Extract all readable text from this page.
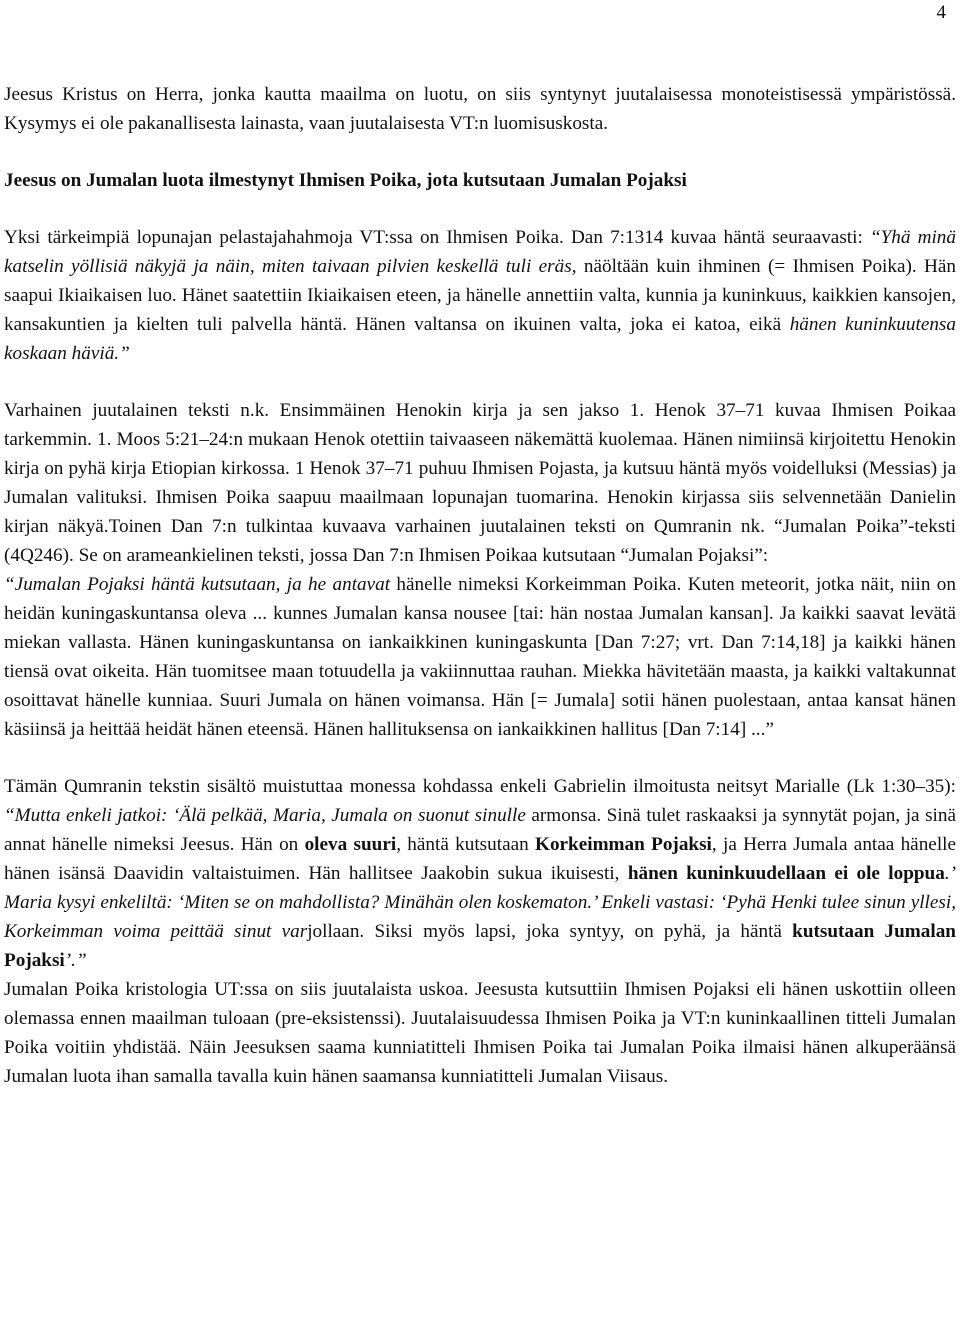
4

Jeesus Kristus on Herra, jonka kautta maailma on luotu, on siis syntynyt juutalaisessa monoteistisessä ympäristössä. Kysymys ei ole pakanallisesta lainasta, vaan juutalaisesta VT:n luomisuskosta.

Jeesus on Jumalan luota ilmestynyt Ihmisen Poika, jota kutsutaan Jumalan Pojaksi

Yksi tärkeimpiä lopunajan pelastajahahmoja VT:ssa on Ihmisen Poika. Dan 7:1314 kuvaa häntä seuraavasti: “Yhä minä katselin yöllisiä näkyjä ja näin, miten taivaan pilvien keskellä tuli eräs, näöltään kuin ihminen (= Ihmisen Poika). Hän saapui Ikiaikaisen luo. Hänet saatettiin Ikiaikaisen eteen, ja hänelle annettiin valta, kunnia ja kuninkuus, kaikkien kansojen, kansakuntien ja kielten tuli palvella häntä. Hänen valtansa on ikuinen valta, joka ei katoa, eikä hänen kuninkuutensa koskaan häviä.”

Varhainen juutalainen teksti n.k. Ensimmäinen Henokin kirja ja sen jakso 1. Henok 37–71 kuvaa Ihmisen Poikaa tarkemmin. 1. Moos 5:21–24:n mukaan Henok otettiin taivaaseen näkemättä kuolemaa. Hänen nimiinsä kirjoitettu Henokin kirja on pyhä kirja Etiopian kirkossa. 1 Henok 37–71 puhuu Ihmisen Pojasta, ja kutsuu häntä myös voidelluksi (Messias) ja Jumalan valituksi. Ihmisen Poika saapuu maailmaan lopunajan tuomarina. Henokin kirjassa siis selvennetään Danielin kirjan näkyä.Toinen Dan 7:n tulkintaa kuvaava varhainen juutalainen teksti on Qumranin nk. “Jumalan Poika”-teksti (4Q246). Se on arameankielinen teksti, jossa Dan 7:n Ihmisen Poikaa kutsutaan “Jumalan Pojaksi”:
“Jumalan Pojaksi häntä kutsutaan, ja he antavat hänelle nimeksi Korkeimman Poika. Kuten meteorit, jotka näit, niin on heidän kuningaskuntansa oleva ... kunnes Jumalan kansa nousee [tai: hän nostaa Jumalan kansan]. Ja kaikki saavat levätä miekan vallasta. Hänen kuningaskuntansa on iankaikkinen kuningaskunta [Dan 7:27; vrt. Dan 7:14,18] ja kaikki hänen tiensä ovat oikeita. Hän tuomitsee maan totuudella ja vakiinnuttaa rauhan. Miekka hävitetään maasta, ja kaikki valtakunnat osoittavat hänelle kunniaa. Suuri Jumala on hänen voimansa. Hän [= Jumala] sotii hänen puolestaan, antaa kansat hänen käsiinsä ja heittää heidät hänen eteensä. Hänen hallituksensa on iankaikkinen hallitus [Dan 7:14] ...”

Tämän Qumranin tekstin sisältö muistuttaa monessa kohdassa enkeli Gabrielin ilmoitusta neitsyt Marialle (Lk 1:30–35): “Mutta enkeli jatkoi: ‘Älä pelkää, Maria, Jumala on suonut sinulle armonsa. Sinä tulet raskaaksi ja synnytät pojan, ja sinä annat hänelle nimeksi Jeesus. Hän on oleva suuri, häntä kutsutaan Korkeimman Pojaksi, ja Herra Jumala antaa hänelle hänen isänsä Daavidin valtaistuimen. Hän hallitsee Jaakobin sukua ikuisesti, hänen kuninkuudellaan ei ole loppua.’ Maria kysyi enkeliltä: ‘Miten se on mahdollista? Minähän olen koskematon.’ Enkeli vastasi: ‘Pyhä Henki tulee sinun yllesi, Korkeimman voima peittää sinut varjollaan. Siksi myös lapsi, joka syntyy, on pyhä, ja häntä kutsutaan Jumalan Pojaksi’.”

Jumalan Poika kristologia UT:ssa on siis juutalaista uskoa. Jeesusta kutsuttiin Ihmisen Pojaksi eli hänen uskottiin olleen olemassa ennen maailman tuloaan (pre-eksistenssi). Juutalaisuudessa Ihmisen Poika ja VT:n kuninkaallinen titteli Jumalan Poika voitiin yhdistää. Näin Jeesuksen saama kunniatitteli Ihmisen Poika tai Jumalan Poika ilmaisi hänen alkuperäänsä Jumalan luota ihan samalla tavalla kuin hänen saamansa kunniatitteli Jumalan Viisaus.
